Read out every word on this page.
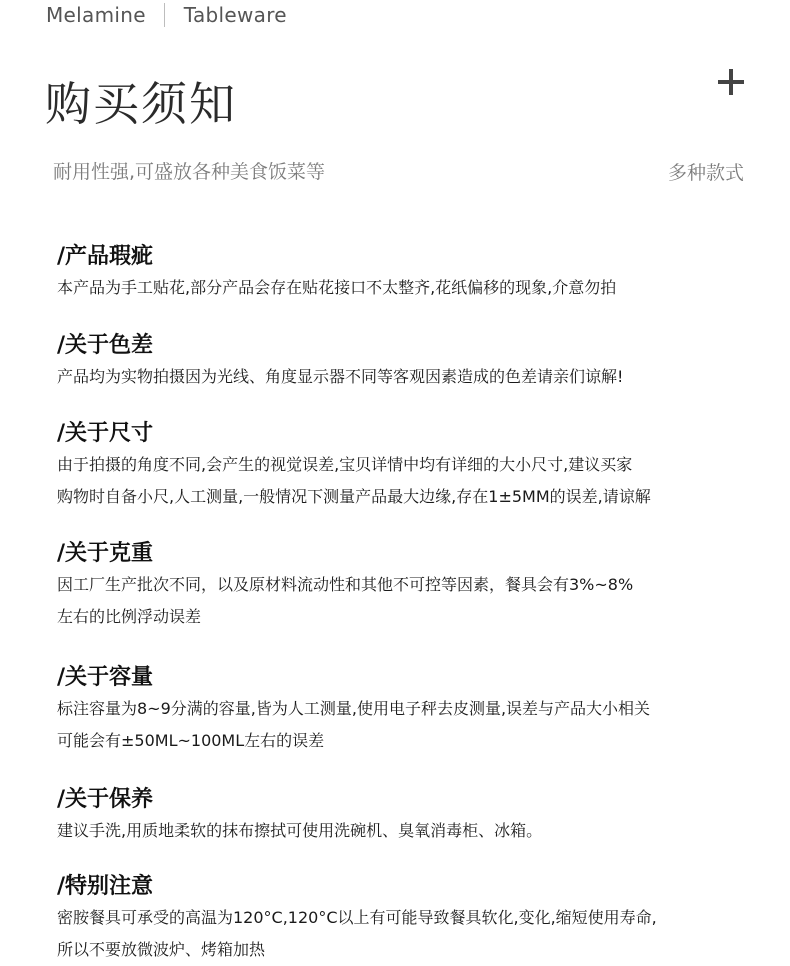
Melamine Tableware
购买须知
耐用性强,可盛放各种美食饭菜等	多种款式
/产品瑕疵

本产品为手工贴花,部分产品会存在贴花接口不太整齐,花纸偏移的现象,介意勿拍

/关于色差

产品均为实物拍摄因为光线、角度显示器不同等客观因素造成的色差请亲们谅解!

/关于尺寸

由于拍摄的角度不同,会产生的视觉误差,宝贝详情中均有详细的大小尺寸,建议买家

购物时自备小尺,人工测量,一般情况下测量产品最大边缘,存在1±5MM的误差,请谅解

/关于克重

因工厂生产批次不同，以及原材料流动性和其他不可控等因素，餐具会有3%~8%

左右的比例浮动误差

/关于容量

标注容量为8~9分满的容量,皆为人工测量,使用电子秤去皮测量,误差与产品大小相关

可能会有±50ML~100ML左右的误差

/关于保养

建议手洗,用质地柔软的抹布擦拭可使用洗碗机、臭氧消毒柜、冰箱。

/特别注意

密胺餐具可承受的高温为120°C,120°C以上有可能导致餐具软化,变化,缩短使用寿命,

所以不要放微波炉、烤箱加热
